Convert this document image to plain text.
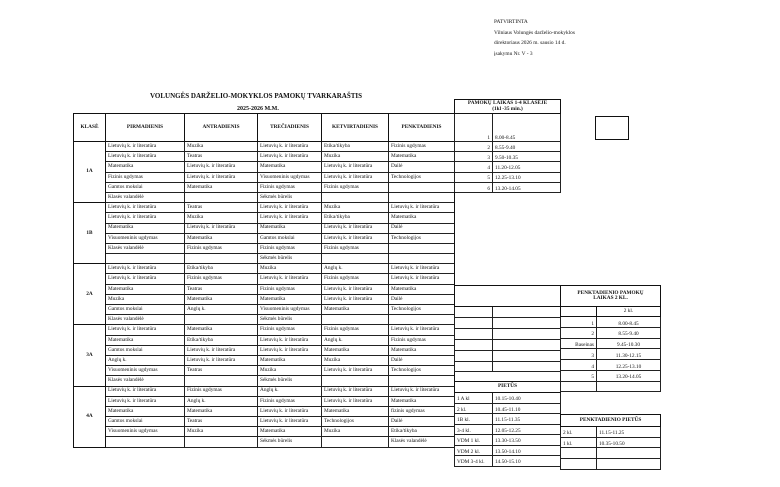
PATVIRTINTA
Vilniaus Volungės darželio-mokyklos
direktoriaus 2026 m. sausio 14 d.
įsakymu Nr. V - 3
VOLUNGĖS DARŽELIO-MOKYKLOS PAMOKŲ TVARKARAŠTIS
2025-2026 M.M.
KLASĖ	PIRMADIENIS	ANTRADIENIS	TREČIADIENIS	KETVIRTADIENIS	PENKTADIENIS
1A	Lietuvių k. ir literatūra	Muzika	Lietuvių k. ir literatūra	Etika/tikyba	Fizinis ugdymas
	Lietuvių k. ir literatūra	Teatras	Lietuvių k. ir literatūra	Muzika	Matematika
	Matematika	Lietuvių k. ir literatūra	Matematika	Lietuvių k. ir literatūra	Dailė
	Fizinis ugdymas	Lietuvių k. ir literatūra	Visuomeninis ugdymas	Lietuvių k. ir literatūra	Technologijos
	Gamtos mokslai	Matematika	Fizinis ugdymas	Fizinis ugdymas	
	Klasės valandėlė		Sėkmės būrelis		
1B	Lietuvių k. ir literatūra	Teatras	Lietuvių k. ir literatūra	Muzika	Lietuvių k. ir literatūra
	Lietuvių k. ir literatūra	Muzika	Lietuvių k. ir literatūra	Etika/tikyba	Matematika
	Matematika	Lietuvių k. ir literatūra	Matematika	Lietuvių k. ir literatūra	Dailė
	Visuomeninis ugdymas	Matematika	Gamtos mokslai	Lietuvių k. ir literatūra	Technologijos
	Klasės valandėlė	Fizinis ugdymas	Fizinis ugdymas	Fizinis ugdymas	
			Sėkmės būrelis		
2A	Lietuvių k. ir literatūra	Etika/tikyba	Muzika	Anglų k.	Lietuvių k. ir literatūra
	Lietuvių k. ir literatūra	Fizinis ugdymas	Lietuvių k. ir literatūra	Fizinis ugdymas	Lietuvių k. ir literatūra
	Matematika	Teatras	Fizinis ugdymas	Lietuvių k. ir literatūra	Matematika
	Muzika	Matematika	Matematika	Lietuvių k. ir literatūra	Dailė
	Gamtos mokslai	Anglų k.	Visuomeninis ugdymas	Matematika	Technologijos
	Klasės valandėlė		Sėkmės būrelis		
3A	Lietuvių k. ir literatūra	Matematika	Fizinis ugdymas	Fizinis ugdymas	Lietuvių k. ir literatūra
	Matematika	Etika/tikyba	Lietuvių k. ir literatūra	Anglų k.	Fizinis ugdymas
	Gamtos mokslai	Lietuvių k. ir literatūra	Lietuvių k. ir literatūra	Matematika	Matematika
	Anglų k.	Lietuvių k. ir literatūra	Matematika	Muzika	Dailė
	Visuomeninis ugdymas	Teatras	Muzika	Lietuvių k. ir literatūra	Technologijos
	Klasės valandėlė		Sėkmės būrelis		
4A	Lietuvių k. ir literatūra	Fizinis ugdymas	Anglų k.	Lietuvių k. ir literatūra	Lietuvių k. ir literatūra
	Lietuvių k. ir literatūra	Anglų k.	Fizinis ugdymas	Lietuvių k. ir literatūra	Matematika
	Matematika	Matematika	Lietuvių k. ir literatūra	Matematika	fizinis ugdymas
	Gamtos mokslai	Teatras	Lietuvių k. ir literatūra	Technologijos	Dailė
	Visuomeninis ugdymas	Muzika	Matematika	Muzika	Etika/tikyba
			Sėkmės būrelis		Klasės valandėlė
PAMOKŲ LAIKAS 1-4 KLASĖJE
(1kl -35 min.)	
1	8.00-8.45
2	8.55-9.40
3	9.50-10.35
4	11.20-12.05
5	12.25-13.10
6	13.20-14.05

PIETŪS	
1 A kl	10.15-10.40
2 kl.	10.45-11.10
1B kl.	11.15-11.35
3-4 kl.	12.05-12.25
VDM 1 kl.	13.30-13.50
VDM 2 kl.	13.50-14.10
VDM 3-4 kl.	14.50-15.10
PENKTADIENIO PAMOKŲ
LAIKAS 2 KL.	
	2 kl.
1	8.00-8.45
2	8.55-9.40
Baseinas	9.45-10.30
3	11.30-12.15
4	12.25-13.10
5	13.20-14.05

PENKTADIENIO PIETŪS	
2 kl.	11.15-11.25
1 kl.	10.35-10.50
